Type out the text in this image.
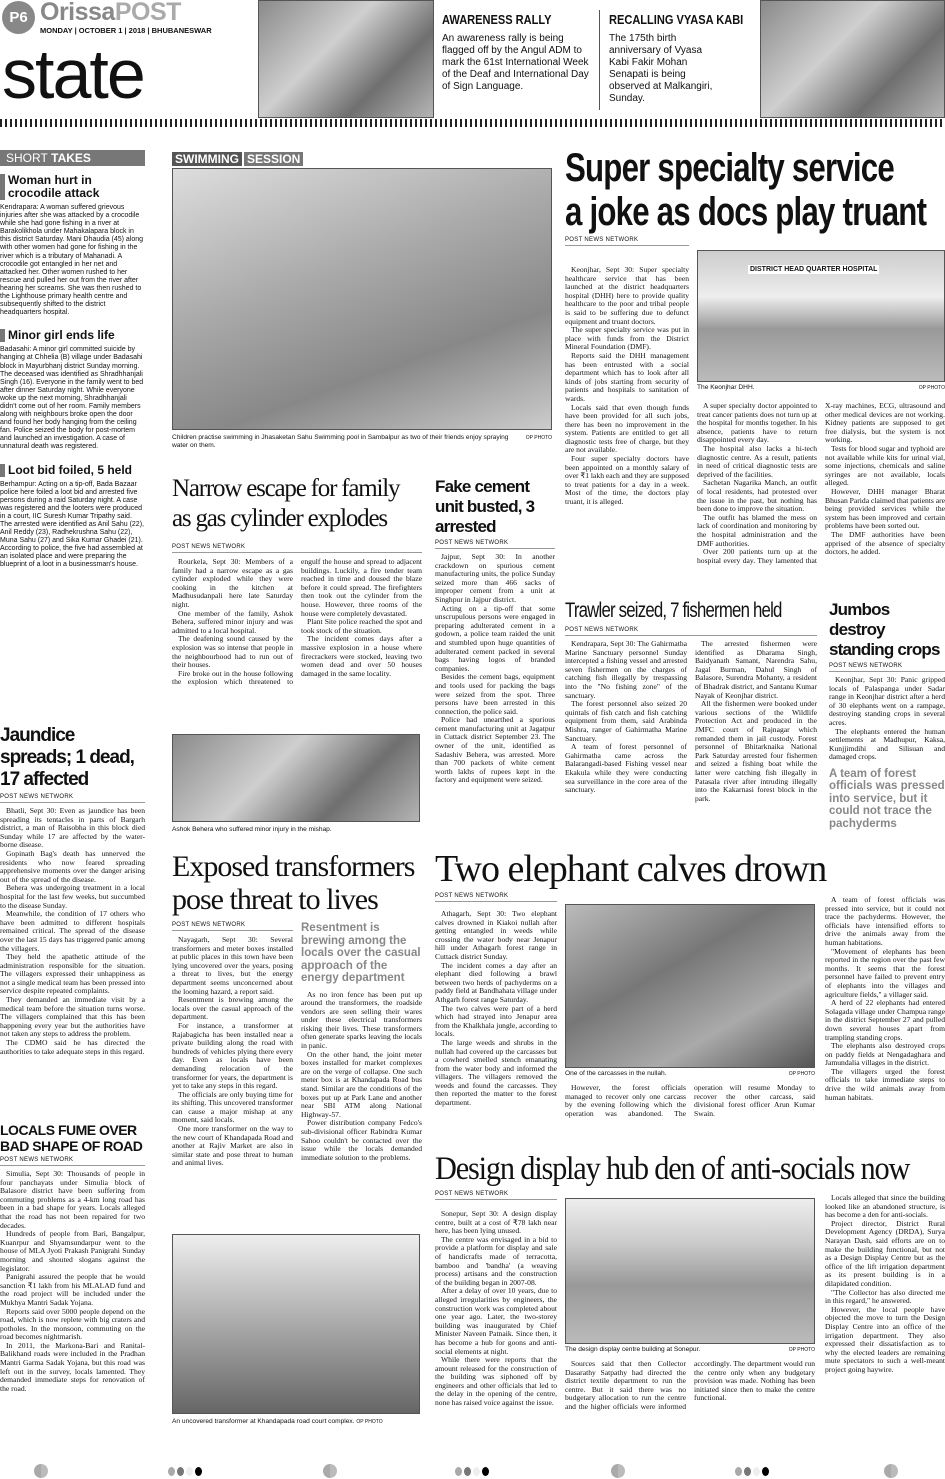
P6 OrissaPOST
MONDAY | OCTOBER 1 | 2018 | BHUBANESWAR
state
AWARENESS RALLY
An awareness rally is being flagged off by the Angul ADM to mark the 61st International Week of the Deaf and International Day of Sign Language.
RECALLING VYASA KABI
The 175th birth anniversary of Vyasa Kabi Fakir Mohan Senapati is being observed at Malkangiri, Sunday.
SHORT TAKES
Woman hurt in crocodile attack
Kendrapara: A woman suffered grievous injuries after she was attacked by a crocodile while she had gone fishing in a river at Barakolikhola under Mahakalapara block in this district Saturday. Mani Dhaudia (45) along with other women had gone for fishing in the river which is a tributary of Mahanadi. A crocodile got entangled in her net and attacked her. Other women rushed to her rescue and pulled her out from the river after hearing her screams. She was then rushed to the Lighthouse primary health centre and subsequently shifted to the district headquarters hospital.
Minor girl ends life
Badasahi: A minor girl committed suicide by hanging at Chhelia (B) village under Badasahi block in Mayurbhanj district Sunday morning. The deceased was identified as Shradhhanjali Singh (16). Everyone in the family went to bed after dinner Saturday night. While everyone woke up the next morning, Shradhhanjali didn't come out of her room. Family members along with neighbours broke open the door and found her body hanging from the ceiling fan. Police seized the body for post-mortem and launched an investigation. A case of unnatural death was registered.
Loot bid foiled, 5 held
Berhampur: Acting on a tip-off, Bada Bazaar police here foiled a loot bid and arrested five persons during a raid Saturday night. A case was registered and the looters were produced in a court, IIC Suresh Kumar Tripathy said. The arrested were identified as Anil Sahu (22), Anil Reddy (23), Radhekrushna Sahu (22), Muna Sahu (27) and Sika Kumar Ghadei (21). According to police, the five had assembled at an isolated place and were preparing the blueprint of a loot in a businessman's house.
Jaundice spreads; 1 dead, 17 affected
POST NEWS NETWORK

Bhatli, Sept 30: Even as jaundice has been spreading its tentacles in parts of Bargarh district, a man of Raisobha in this block died Sunday while 17 are affected by the water-borne disease.

Gopinath Bag's death has unnerved the residents who now feared spreading apprehensive moments over the danger arising out of the spread of the disease.

Behera was undergoing treatment in a local hospital for the last few weeks, but succumbed to the disease Sunday.

Meanwhile, the condition of 17 others who have been admitted to different hospitals remained critical. The spread of the disease over the last 15 days has triggered panic among the villagers.

They held the apathetic attitude of the administration responsible for the situation. The villagers expressed their unhappiness as not a single medical team has been pressed into service despite repeated complaints.

They demanded an immediate visit by a medical team before the situation turns worse. The villagers complained that this has been happening every year but the authorities have not taken any steps to address the problem.

The CDMO said he has directed the authorities to take adequate steps in this regard.

LOCALS FUME OVER BAD SHAPE OF ROAD
POST NEWS NETWORK

Simulia, Sept 30: Thousands of people in four panchayats under Simulia block of Balasore district have been suffering from commuting problems as a 4-km long road has been in a bad shape for years. Locals alleged that the road has not been repaired for two decades.

Hundreds of people from Bari, Bangalpur, Kuanrpur and Shyamsundarpur went to the house of MLA Jyoti Prakash Panigrahi Sunday morning and shouted slogans against the legislator.

Panigrahi assured the people that he would sanction ₹1 lakh from his MLALAD fund and the road project will be included under the Mukhya Mantri Sadak Yojana.

Reports said over 5000 people depend on the road, which is now replete with big craters and potholes. In the monsoon, commuting on the road becomes nightmarish.

In 2011, the Markona-Bari and Ranital-Balikhand roads were included in the Pradhan Mantri Garma Sadak Yojana, but this road was left out in the survey, locals lamented. They demanded immediate steps for renovation of the road.

SWIMMING SESSION
OP PHOTO
Children practise swimming in Jhasaketan Sahu Swimming pool in Sambalpur as two of their friends enjoy spraying water on them.
Super specialty service
a joke as docs play truant
POST NEWS NETWORK
DISTRICT HEAD QUARTER HOSPITAL
OP PHOTO
The Keonjhar DHH.

Keonjhar, Sept 30: Super specialty healthcare service that has been launched at the district headquarters hospital (DHH) here to provide quality healthcare to the poor and tribal people is said to be suffering due to defunct equipment and truant doctors.

The super specialty service was put in place with funds from the District Mineral Foundation (DMF).

Reports said the DHH management has been entrusted with a social department which has to look after all kinds of jobs starting from security of patients and hospitals to sanitation of wards.

Locals said that even though funds have been provided for all such jobs, there has been no improvement in the system. Patients are entitled to get all diagnostic tests free of charge, but they are not available.

Four super specialty doctors have been appointed on a monthly salary of over ₹1 lakh each and they are supposed to treat patients for a day in a week. Most of the time, the doctors play truant, it is alleged.

A super specialty doctor appointed to treat cancer patients does not turn up at the hospital for months together. In his absence, patients have to return disappointed every day.

The hospital also lacks a hi-tech diagnostic centre. As a result, patients in need of critical diagnostic tests are deprived of the facilities.

Sachetan Nagarika Manch, an outfit of local residents, had protested over the issue in the past, but nothing has been done to improve the situation.

The outfit has blamed the mess on lack of coordination and monitoring by the hospital administration and the DMF authorities.

Over 200 patients turn up at the hospital every day. They lamented that X-ray machines, ECG, ultrasound and other medical devices are not working. Kidney patients are supposed to get free dialysis, but the system is not working.

Tests for blood sugar and typhoid are not available while kits for urinal vial, some injections, chemicals and saline syringes are not available, locals alleged.

However, DHH manager Bharat Bhusan Parida claimed that patients are being provided services while the system has been improved and certain problems have been sorted out.

The DMF authorities have been apprised of the absence of specialty doctors, he added.

Narrow escape for family as gas cylinder explodes
POST NEWS NETWORK

Rourkela, Sept 30: Members of a family had a narrow escape as a gas cylinder exploded while they were cooking in the kitchen at Madhusudanpali here late Saturday night.

One member of the family, Ashok Behera, suffered minor injury and was admitted to a local hospital.

The deafening sound caused by the explosion was so intense that people in the neighbourhood had to run out of their houses.

Fire broke out in the house following the explosion which threatened to engulf the house and spread to adjacent buildings. Luckily, a fire tender team reached in time and doused the blaze before it could spread. The firefighters then took out the cylinder from the house. However, three rooms of the house were completely devastated.

Plant Site police reached the spot and took stock of the situation.

The incident comes days after a massive explosion in a house where firecrackers were stocked, leaving two women dead and over 50 houses damaged in the same locality.

Ashok Behera who suffered minor injury in the mishap.
Fake cement unit busted, 3 arrested
POST NEWS NETWORK

Jajpur, Sept 30: In another crackdown on spurious cement manufacturing units, the police Sunday seized more than 466 sacks of improper cement from a unit at Singhpur in Jajpur district.

Acting on a tip-off that some unscrupulous persons were engaged in preparing adulterated cement in a godown, a police team raided the unit and stumbled upon huge quantities of adulterated cement packed in several bags having logos of branded companies.

Besides the cement bags, equipment and tools used for packing the bags were seized from the spot. Three persons have been arrested in this connection, the police said.

Police had unearthed a spurious cement manufacturing unit at Jagatpur in Cuttack district September 23. The owner of the unit, identified as Sadashiv Behera, was arrested. More than 700 packets of white cement worth lakhs of rupees kept in the factory and equipment were seized.

Trawler seized, 7 fishermen held
POST NEWS NETWORK

Kendrapara, Sept 30: The Gahirmatha Marine Sanctuary personnel Sunday intercepted a fishing vessel and arrested seven fishermen on the charges of catching fish illegally by trespassing into the "No fishing zone" of the sanctuary.

The forest personnel also seized 20 quintals of fish catch and fish catching equipment from them, said Arabinda Mishra, ranger of Gahirmatha Marine Sanctuary.

A team of forest personnel of Gahirmatha came across the Balarangadi-based Fishing vessel near Ekakula while they were conducting sea surveillance in the core area of the sanctuary.

The arrested fishermen were identified as Dharama Singh, Baidyanath Samant, Narendra Sahu, Jagal Burman, Dahul Singh of Balasore, Surendra Mohanty, a resident of Bhadrak district, and Santanu Kumar Nayak of Keonjhar district.

All the fishermen were booked under various sections of the Wildlife Protection Act and produced in the JMFC court of Rajnagar which remanded them in jail custody. Forest personnel of Bhitarknaika National Park Saturday arrested four fishermen and seized a fishing boat while the latter were catching fish illegally in Patasala river after intruding illegally into the Kakarnasi forest block in the park.

Jumbos destroy standing crops
POST NEWS NETWORK

Keonjhar, Sept 30: Panic gripped locals of Palaspanga under Sadar range in Keonjhar district after a herd of 30 elephants went on a rampage, destroying standing crops in several acres.

The elephants entered the human settlements at Madhupur, Kaksa, Kunjjimdihi and Silisuan and damaged crops.

A team of forest officials was pressed into service, but it could not trace the pachyderms
Exposed transformers pose threat to lives
POST NEWS NETWORK

Nayagarh, Sept 30: Several transformers and meter boxes installed at public places in this town have been lying uncovered over the years, posing a threat to lives, but the energy department seems unconcerned about the looming hazard, a report said.

Resentment is brewing among the locals over the casual approach of the department.

For instance, a transformer at Rajabagicha has been installed near a private building along the road with hundreds of vehicles plying there every day. Even as locals have been demanding relocation of the transformer for years, the department is yet to take any steps in this regard.

The officials are only buying time for its shifting. This uncovered transformer can cause a major mishap at any moment, said locals.

One more transformer on the way to the new court of Khandapada Road and another at Rajiv Market are also in similar state and pose threat to human and animal lives.

Resentment is brewing among the locals over the casual approach of the energy department

As no iron fence has been put up around the transformers, the roadside vendors are seen selling their wares under these electrical transformers risking their lives. These transformers often generate sparks leaving the locals in panic.

On the other hand, the joint meter boxes installed for market complexes are on the verge of collapse. One such meter box is at Khandapada Road bus stand. Similar are the conditions of the boxes put up at Park Lane and another near SBI ATM along National Highway-57.

Power distribution company Fedco's sub-divisional officer Rabindra Kumar Sahoo couldn't be contacted over the issue while the locals demanded immediate solution to the problems.

An uncovered transformer at Khandapada road court complex. OP PHOTO
Two elephant calves drown
POST NEWS NETWORK

Athagarh, Sept 30: Two elephant calves drowned in Kiakoi nullah after getting entangled in weeds while crossing the water body near Jenapur hill under Athagarh forest range in Cuttack district Sunday.

The incident comes a day after an elephant died following a brawl between two herds of pachyderms on a paddy field at Bandhahata village under Athgarh forest range Saturday.

The two calves were part of a herd which had strayed into Jenapur area from the Khalkhala jungle, according to locals.

The large weeds and shrubs in the nullah had covered up the carcasses but a cowherd smelled stench emanating from the water body and informed the villagers. The villagers removed the weeds and found the carcasses. They then reported the matter to the forest department.

OP PHOTO
One of the carcasses in the nullah.

However, the forest officials managed to recover only one carcass by the evening following which the operation was abandoned. The operation will resume Monday to recover the other carcass, said divisional forest officer Arun Kumar Swain.

A team of forest officials was pressed into service, but it could not trace the pachyderms. However, the officials have intensified efforts to drive the animals away from the human habitations.

"Movement of elephants has been reported in the region over the past few months. It seems that the forest personnel have failed to prevent entry of elephants into the villages and agriculture fields," a villager said.

A herd of 22 elephants had entered Solagada village under Champua range in the district September 27 and pulled down several houses apart from trampling standing crops.

The elephants also destroyed crops on paddy fields at Nengadaghara and Jamundalia villages in the district.

The villagers urged the forest officials to take immediate steps to drive the wild animals away from human habitats.

Design display hub den of anti-socials now
POST NEWS NETWORK

Sonepur, Sept 30: A design display centre, built at a cost of ₹78 lakh near here, has been lying unused.

The centre was envisaged in a bid to provide a platform for display and sale of handicrafts made of terracotta, bamboo and 'bandha' (a weaving process) artisans and the construction of the building began in 2007-08.

After a delay of over 10 years, due to alleged irregularities by engineers, the construction work was completed about one year ago. Later, the two-storey building was inaugurated by Chief Minister Naveen Patnaik. Since then, it has become a hub for goons and anti-social elements at night.

While there were reports that the amount released for the construction of the building was siphoned off by engineers and other officials that led to the delay in the opening of the centre, none has raised voice against the issue.

OP PHOTO
The design display centre building at Sonepur.

Sources said that then Collector Dasarathy Satpathy had directed the district textile department to run the centre. But it said there was no budgetary allocation to run the centre and the higher officials were informed accordingly. The department would run the centre only when any budgetary provision was made. Nothing has been initiated since then to make the centre functional.

Locals alleged that since the building looked like an abandoned structure, is has become a den for anti-socials.

Project director, District Rural Development Agency (DRDA), Surya Narayan Dash, said efforts are on to make the building functional, but not as a Design Display Centre but as the office of the lift irrigation department as its present building is in a dilapidated condition.

"The Collector has also directed me in this regard," he answered.

However, the local people have objected the move to turn the Design Display Centre into an office of the irrigation department. They also expressed their dissatisfaction as to why the elected leaders are remaining mute spectators to such a well-meant project going haywire.
